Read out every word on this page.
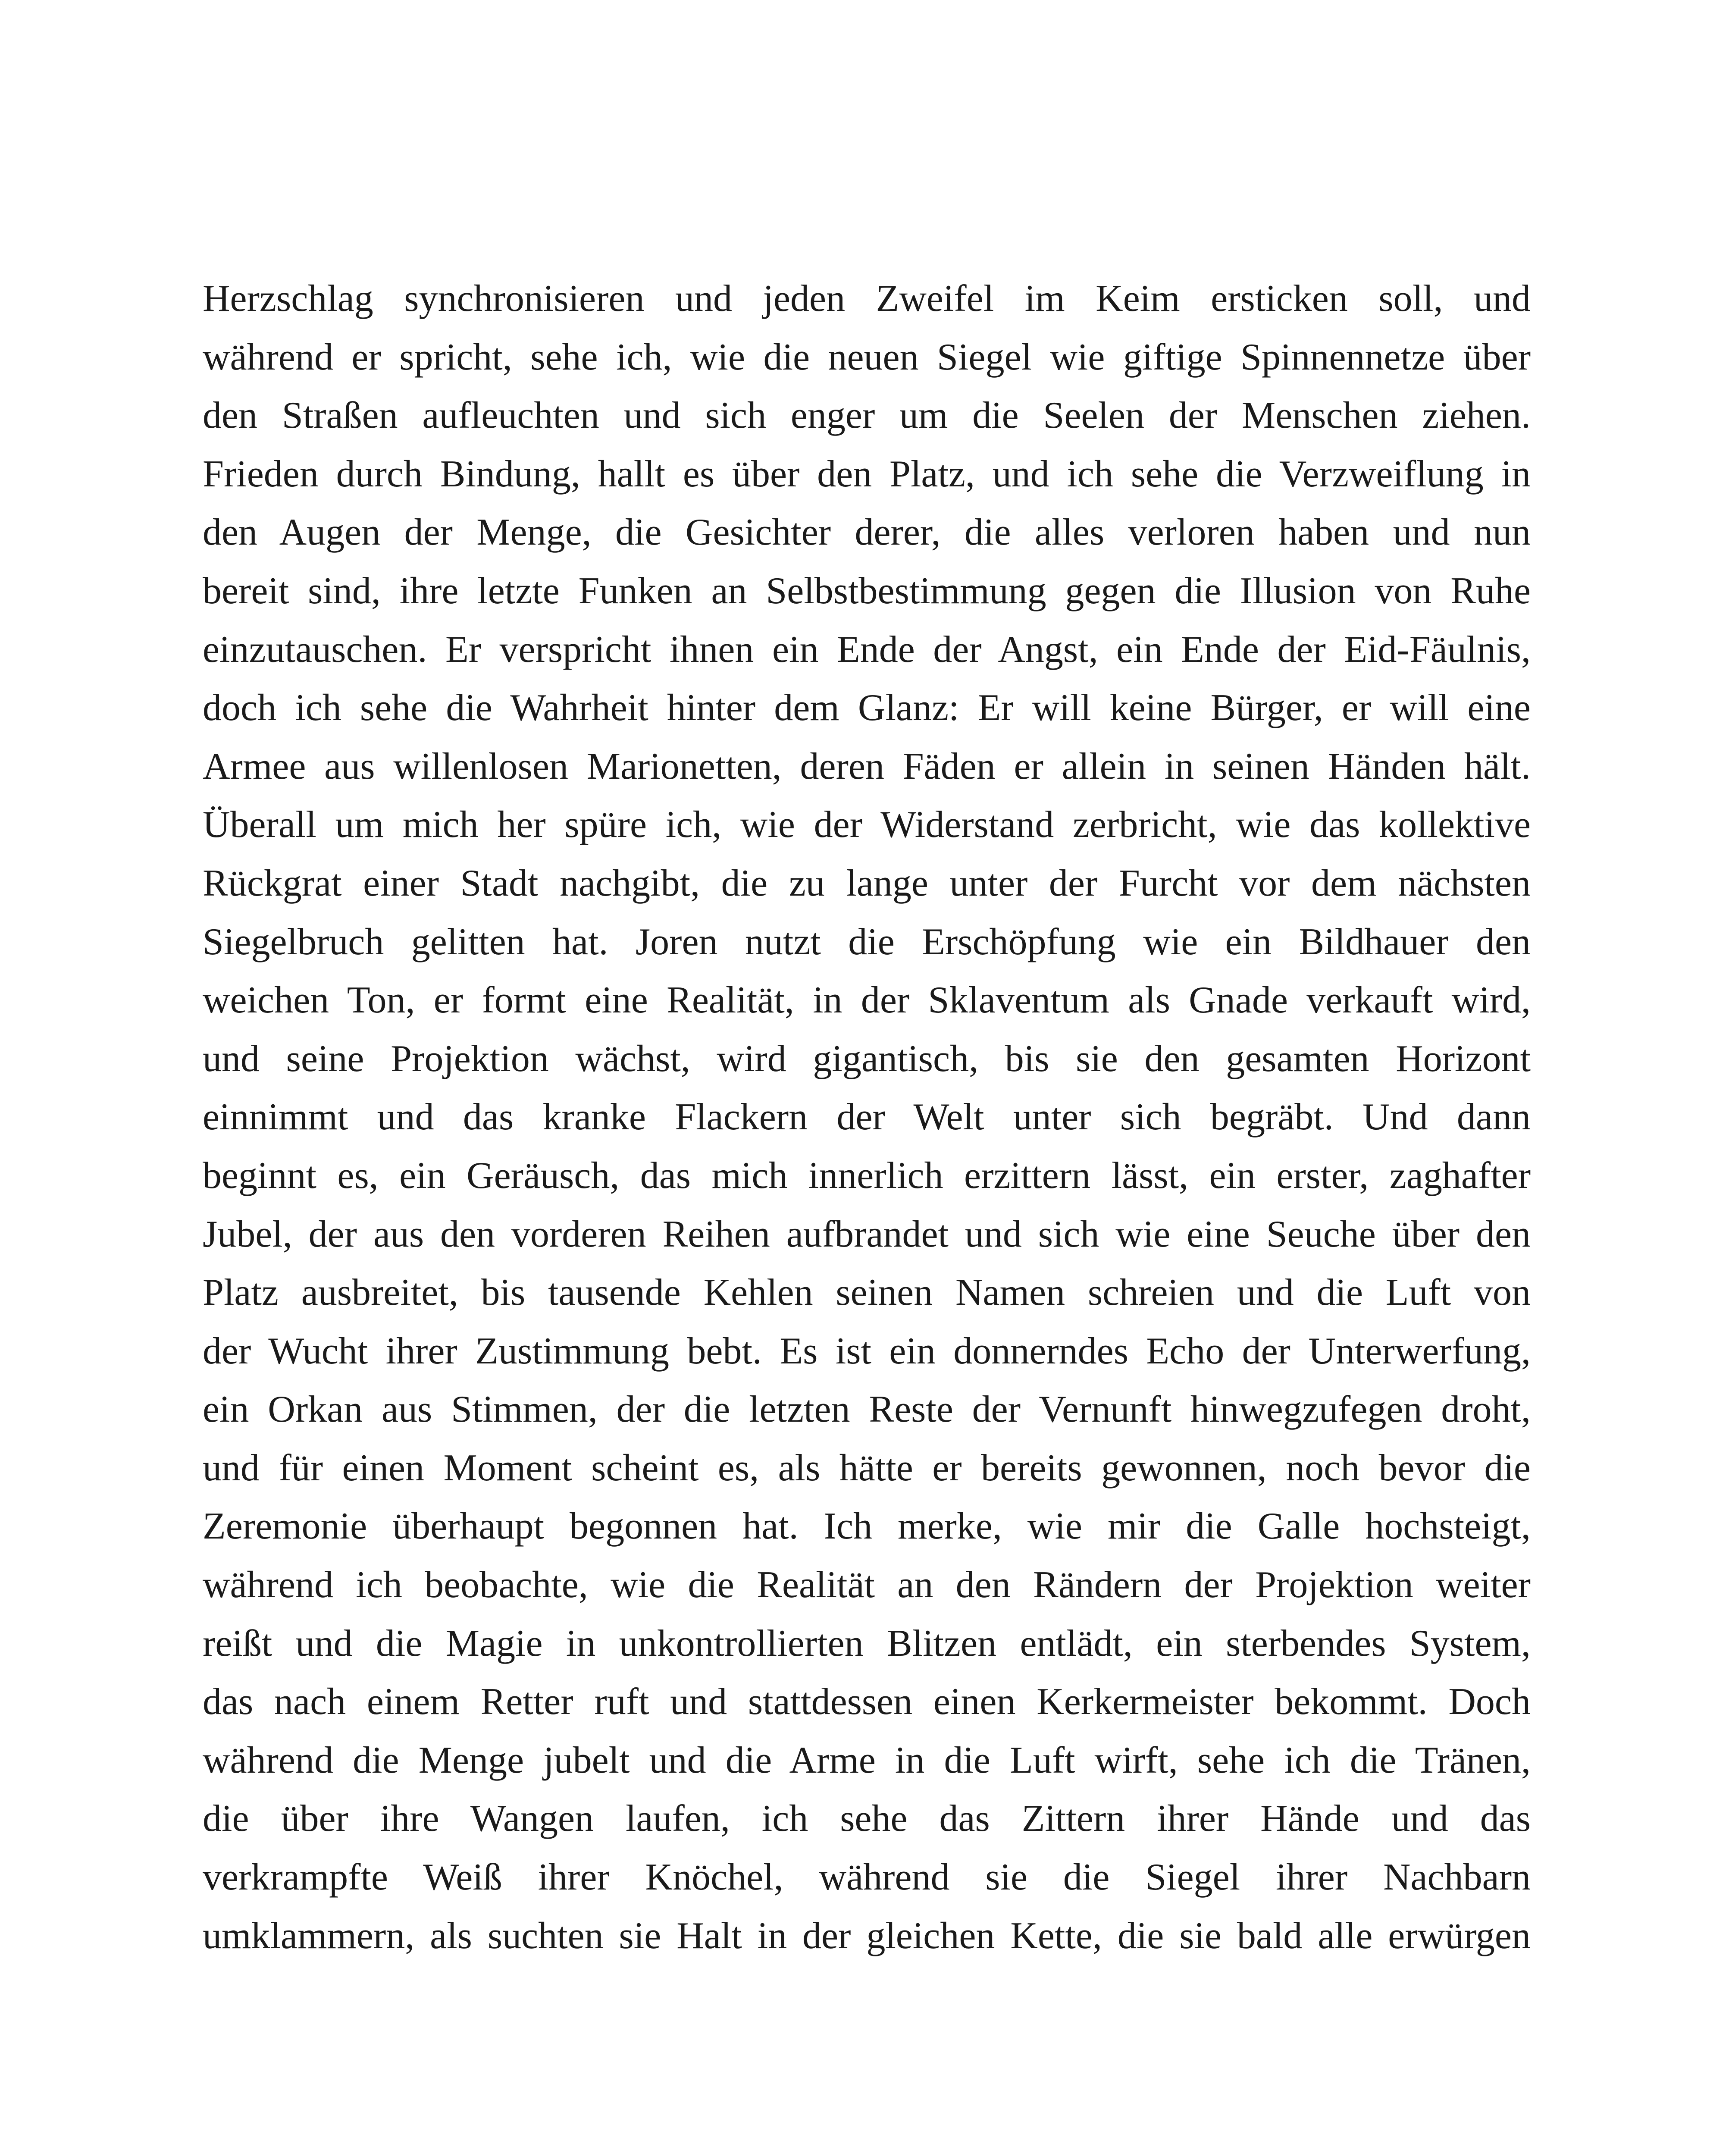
Herzschlag synchronisieren und jeden Zweifel im Keim ersticken soll, und
während er spricht, sehe ich, wie die neuen Siegel wie giftige Spinnennetze über
den Straßen aufleuchten und sich enger um die Seelen der Menschen ziehen.
Frieden durch Bindung, hallt es über den Platz, und ich sehe die Verzweiflung in
den Augen der Menge, die Gesichter derer, die alles verloren haben und nun
bereit sind, ihre letzte Funken an Selbstbestimmung gegen die Illusion von Ruhe
einzutauschen. Er verspricht ihnen ein Ende der Angst, ein Ende der Eid-Fäulnis,
doch ich sehe die Wahrheit hinter dem Glanz: Er will keine Bürger, er will eine
Armee aus willenlosen Marionetten, deren Fäden er allein in seinen Händen hält.
Überall um mich her spüre ich, wie der Widerstand zerbricht, wie das kollektive
Rückgrat einer Stadt nachgibt, die zu lange unter der Furcht vor dem nächsten
Siegelbruch gelitten hat. Joren nutzt die Erschöpfung wie ein Bildhauer den
weichen Ton, er formt eine Realität, in der Sklaventum als Gnade verkauft wird,
und seine Projektion wächst, wird gigantisch, bis sie den gesamten Horizont
einnimmt und das kranke Flackern der Welt unter sich begräbt. Und dann
beginnt es, ein Geräusch, das mich innerlich erzittern lässt, ein erster, zaghafter
Jubel, der aus den vorderen Reihen aufbrandet und sich wie eine Seuche über den
Platz ausbreitet, bis tausende Kehlen seinen Namen schreien und die Luft von
der Wucht ihrer Zustimmung bebt. Es ist ein donnerndes Echo der Unterwerfung,
ein Orkan aus Stimmen, der die letzten Reste der Vernunft hinwegzufegen droht,
und für einen Moment scheint es, als hätte er bereits gewonnen, noch bevor die
Zeremonie überhaupt begonnen hat. Ich merke, wie mir die Galle hochsteigt,
während ich beobachte, wie die Realität an den Rändern der Projektion weiter
reißt und die Magie in unkontrollierten Blitzen entlädt, ein sterbendes System,
das nach einem Retter ruft und stattdessen einen Kerkermeister bekommt. Doch
während die Menge jubelt und die Arme in die Luft wirft, sehe ich die Tränen,
die über ihre Wangen laufen, ich sehe das Zittern ihrer Hände und das
verkrampfte Weiß ihrer Knöchel, während sie die Siegel ihrer Nachbarn
umklammern, als suchten sie Halt in der gleichen Kette, die sie bald alle erwürgen
